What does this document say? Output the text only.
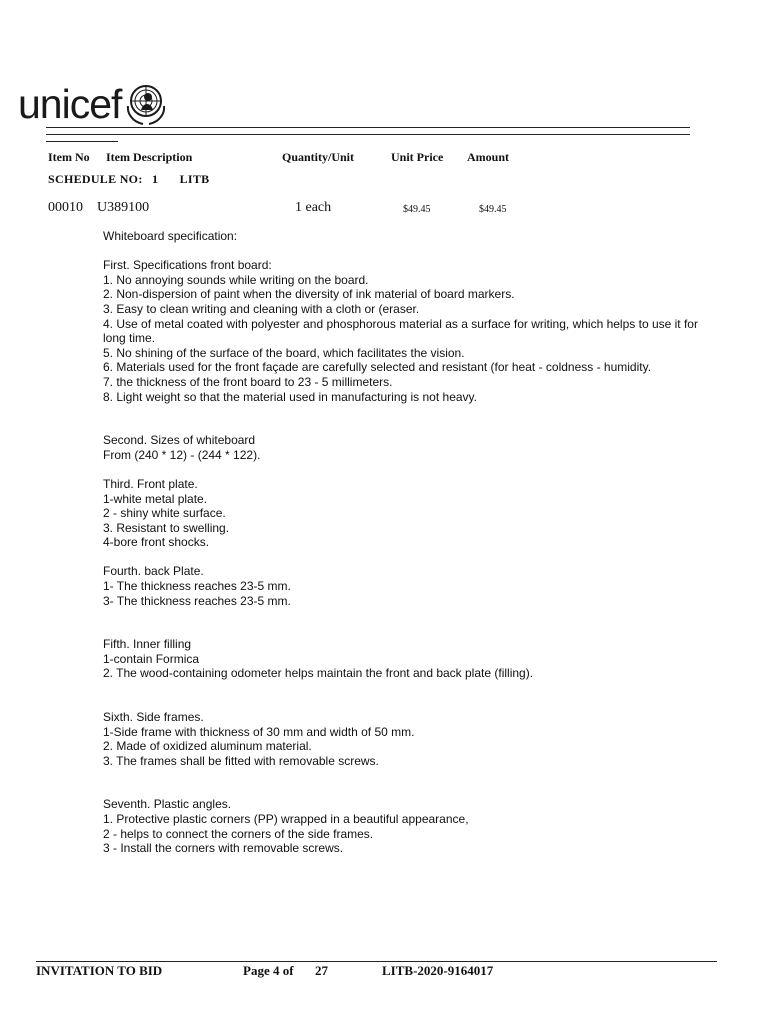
unicef
Item No Item Description	Quantity/Unit	Unit Price Amount
SCHEDULE NO: 1 LITB
00010 U389100	1 each	$49.45	$49.45

Whiteboard specification:

First. Specifications front board:

1. No annoying sounds while writing on the board.

2. Non-dispersion of paint when the diversity of ink material of board markers.

3. Easy to clean writing and cleaning with a cloth or (eraser.

4. Use of metal coated with polyester and phosphorous material as a surface for writing, which helps to use it for long time.

5. No shining of the surface of the board, which facilitates the vision.

6. Materials used for the front façade are carefully selected and resistant (for heat - coldness - humidity.

7. the thickness of the front board to 23 - 5 millimeters.

8. Light weight so that the material used in manufacturing is not heavy.

Second. Sizes of whiteboard

From (240 * 12) - (244 * 122).

Third. Front plate.

1-white metal plate.

2 - shiny white surface.

3. Resistant to swelling.

4-bore front shocks.

Fourth. back Plate.

1- The thickness reaches 23-5 mm.

3- The thickness reaches 23-5 mm.

Fifth. Inner filling

1-contain Formica

2. The wood-containing odometer helps maintain the front and back plate (filling).

Sixth. Side frames.

1-Side frame with thickness of 30 mm and width of 50 mm.

2. Made of oxidized aluminum material.

3. The frames shall be fitted with removable screws.

Seventh. Plastic angles.

1. Protective plastic corners (PP) wrapped in a beautiful appearance,

2 - helps to connect the corners of the side frames.

3 - Install the corners with removable screws.

INVITATION TO BID	Page 4 of 27	LITB-2020-9164017
